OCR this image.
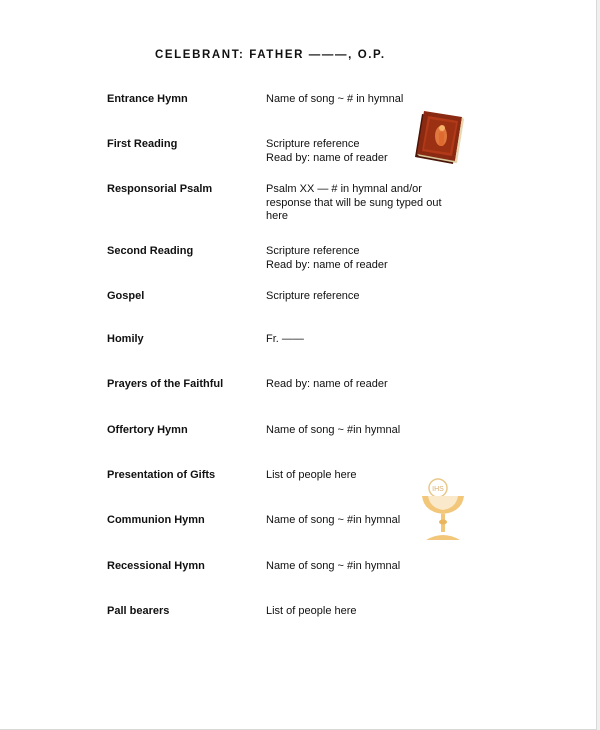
CELEBRANT: FATHER ———, O.P.
Entrance Hymn	Name of song ~ # in hymnal
First Reading	Scripture reference
Read by: name of reader
Responsorial Psalm	Psalm XX — # in hymnal and/or
response that will be sung typed out
here
Second Reading	Scripture reference
Read by: name of reader
Gospel	Scripture reference
Homily	Fr. ——
Prayers of the Faithful	Read by: name of reader
Offertory Hymn	Name of song ~ #in hymnal
Presentation of Gifts	List of people here
Communion Hymn	Name of song ~ #in hymnal
Recessional Hymn	Name of song ~ #in hymnal
Pall bearers	List of people here
IHS
